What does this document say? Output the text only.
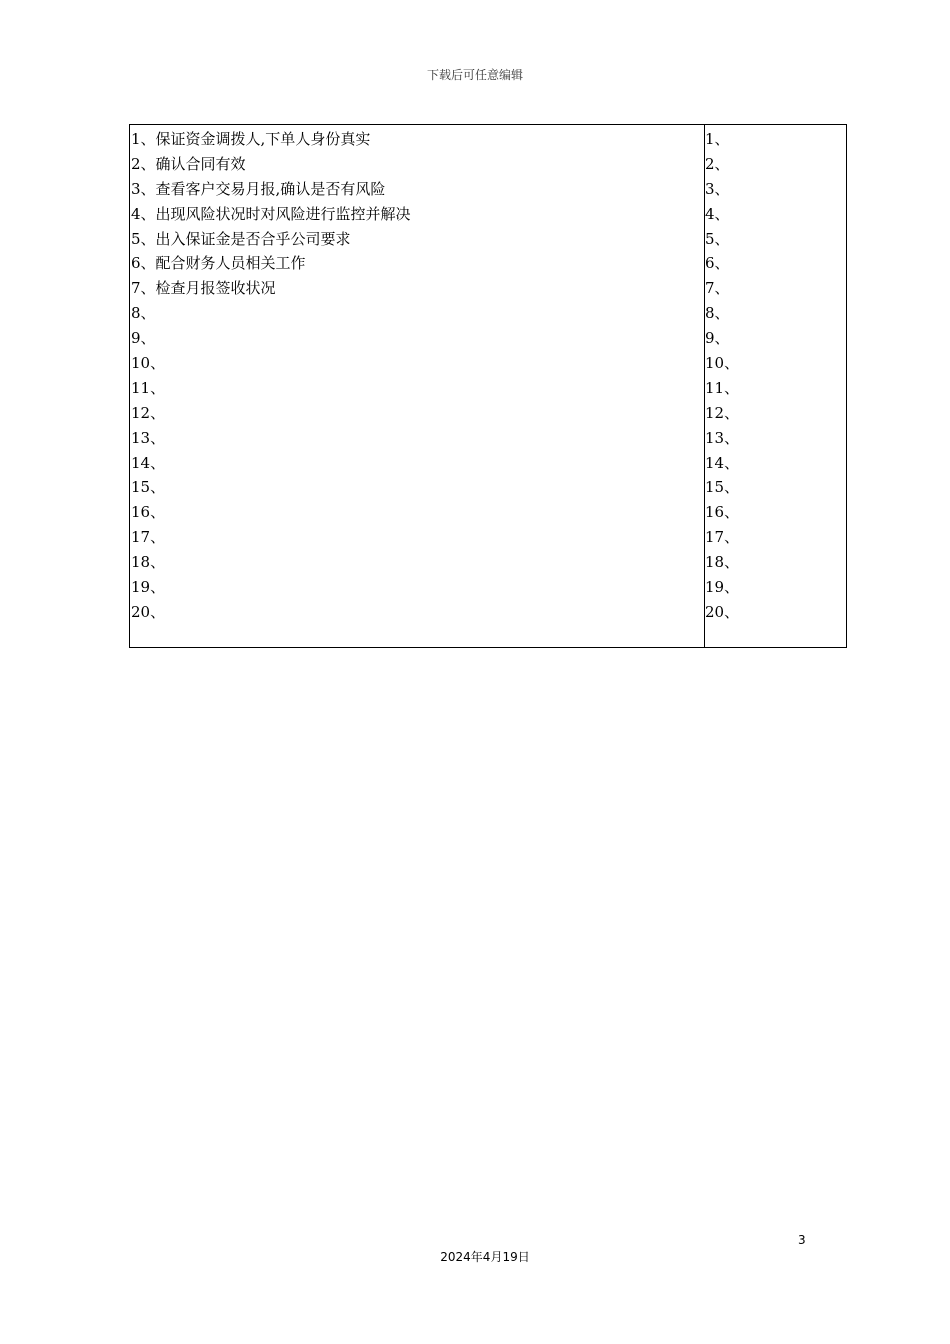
下载后可任意编辑
1、保证资金调拨人,下单人身份真实
2、确认合同有效
3、查看客户交易月报,确认是否有风险
4、出现风险状况时对风险进行监控并解决
5、出入保证金是否合乎公司要求
6、配合财务人员相关工作
7、检查月报签收状况
8、
9、
10、
11、
12、
13、
14、
15、
16、
17、
18、
19、
20、
1、
2、
3、
4、
5、
6、
7、
8、
9、
10、
11、
12、
13、
14、
15、
16、
17、
18、
19、
20、
3
2024年4月19日
